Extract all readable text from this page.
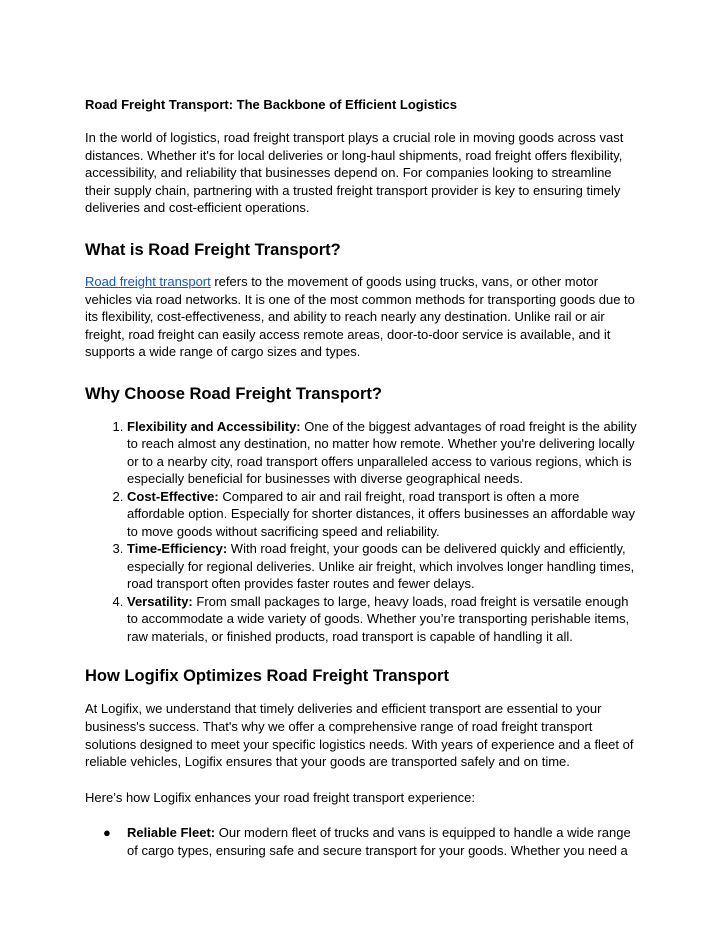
Road Freight Transport: The Backbone of Efficient Logistics

In the world of logistics, road freight transport plays a crucial role in moving goods across vast distances. Whether it's for local deliveries or long-haul shipments, road freight offers flexibility, accessibility, and reliability that businesses depend on. For companies looking to streamline their supply chain, partnering with a trusted freight transport provider is key to ensuring timely deliveries and cost-efficient operations.

What is Road Freight Transport?

Road freight transport refers to the movement of goods using trucks, vans, or other motor vehicles via road networks. It is one of the most common methods for transporting goods due to its flexibility, cost-effectiveness, and ability to reach nearly any destination. Unlike rail or air freight, road freight can easily access remote areas, door-to-door service is available, and it supports a wide range of cargo sizes and types.

Why Choose Road Freight Transport?
1. Flexibility and Accessibility: One of the biggest advantages of road freight is the ability to reach almost any destination, no matter how remote. Whether you're delivering locally or to a nearby city, road transport offers unparalleled access to various regions, which is especially beneficial for businesses with diverse geographical needs.
2. Cost-Effective: Compared to air and rail freight, road transport is often a more affordable option. Especially for shorter distances, it offers businesses an affordable way to move goods without sacrificing speed and reliability.
3. Time-Efficiency: With road freight, your goods can be delivered quickly and efficiently, especially for regional deliveries. Unlike air freight, which involves longer handling times, road transport often provides faster routes and fewer delays.
4. Versatility: From small packages to large, heavy loads, road freight is versatile enough to accommodate a wide variety of goods. Whether you’re transporting perishable items, raw materials, or finished products, road transport is capable of handling it all.
How Logifix Optimizes Road Freight Transport

At Logifix, we understand that timely deliveries and efficient transport are essential to your business's success. That's why we offer a comprehensive range of road freight transport solutions designed to meet your specific logistics needs. With years of experience and a fleet of reliable vehicles, Logifix ensures that your goods are transported safely and on time.

Here’s how Logifix enhances your road freight transport experience:

● Reliable Fleet: Our modern fleet of trucks and vans is equipped to handle a wide range of cargo types, ensuring safe and secure transport for your goods. Whether you need a
